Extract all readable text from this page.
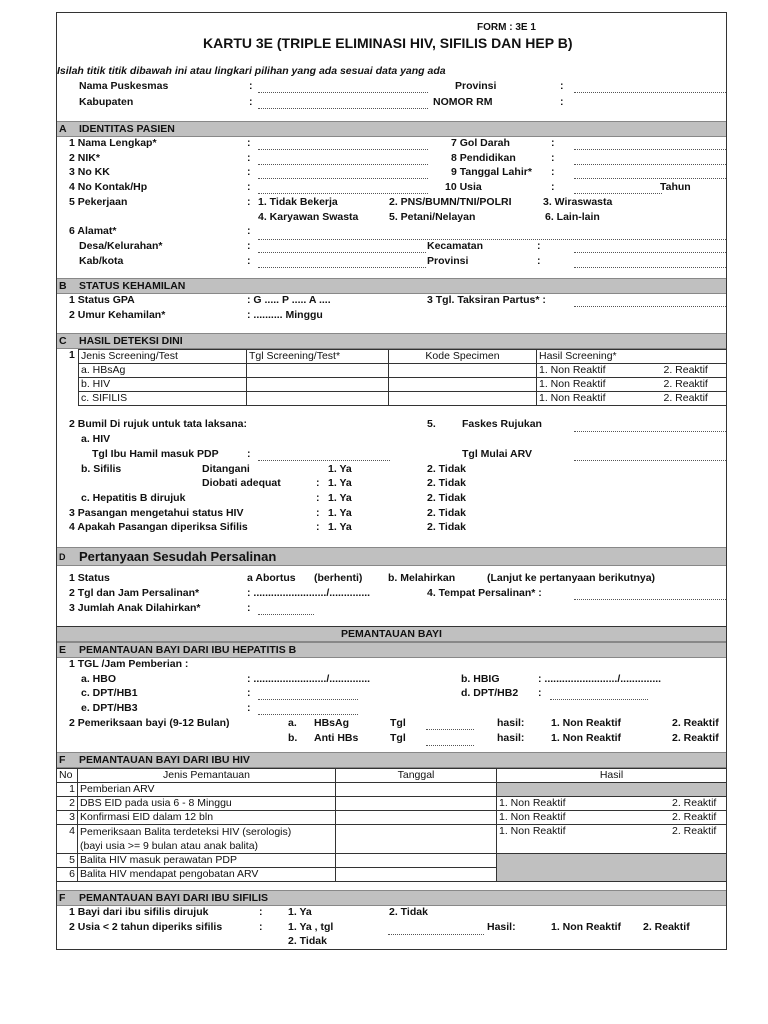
FORM : 3E 1
KARTU 3E (TRIPLE ELIMINASI HIV, SIFILIS DAN HEP B)
Isilah titik titik dibawah ini atau lingkari pilihan yang ada sesuai data yang ada
Nama Puskesmas	:	Provinsi	:
Kabupaten	:	NOMOR RM	:
A IDENTITAS PASIEN
1 Nama Lengkap*	:	7 Gol Darah	:
2 NIK*	:	8 Pendidikan	:
3 No KK	:	9 Tanggal Lahir* :
4 No Kontak/Hp	:	10 Usia	:	Tahun
5 Pekerjaan	: 1. Tidak Bekerja	2. PNS/BUMN/TNI/POLRI	3. Wiraswasta
4. Karyawan Swasta	5. Petani/Nelayan	6. Lain-lain
6 Alamat*	:
Desa/Kelurahan*	:	Kecamatan	:
Kab/kota	:	Provinsi	:
B STATUS KEHAMILAN
1 Status GPA	: G ..... P ..... A ....	3 Tgl. Taksiran Partus* :
2 Umur Kehamilan*	: .......... Minggu
C HASIL DETEKSI DINI
1 Jenis Screening/Test	Tgl Screening/Test*	Kode Specimen	Hasil Screening*
a. HBsAg			1. Non Reaktif 2. Reaktif

b. HIV			1. Non Reaktif 2. Reaktif

c. SIFILIS			1. Non Reaktif 2. Reaktif
2 Bumil Di rujuk untuk tata laksana:	5. Faskes Rujukan
a. HIV
Tgl Ibu Hamil masuk PDP	:	Tgl Mulai ARV
b. Sifilis	Ditangani	1. Ya	2. Tidak
Diobati adequat	: 1. Ya	2. Tidak
c. Hepatitis B dirujuk	: 1. Ya	2. Tidak
3 Pasangan mengetahui status HIV	: 1. Ya	2. Tidak
4 Apakah Pasangan diperiksa Sifilis	: 1. Ya	2. Tidak
D Pertanyaan Sesudah Persalinan
1 Status	a Abortus (berhenti) b. Melahirkan	(Lanjut ke pertanyaan berikutnya)
2 Tgl dan Jam Persalinan*	: ........................./..............	4. Tempat Persalinan* :
3 Jumlah Anak Dilahirkan*	:
PEMANTAUAN BAYI
E PEMANTAUAN BAYI DARI IBU HEPATITIS B
1 TGL /Jam Pemberian :
a. HBO	: ........................./..............	b. HBIG	: ........................./..............
c. DPT/HB1	:	d. DPT/HB2 :
e. DPT/HB3	:
2 Pemeriksaan bayi (9-12 Bulan)	a. HBsAg	Tgl	hasil:	1. Non Reaktif	2. Reaktif
b. Anti HBs	Tgl	hasil:	1. Non Reaktif	2. Reaktif
F PEMANTAUAN BAYI DARI IBU HIV
No	Jenis Pemantauan	Tanggal	Hasil
1	Pemberian ARV		
2	DBS EID pada usia 6 - 8 Minggu		1. Non Reaktif 2. Reaktif

3	Konfirmasi EID dalam 12 bln		1. Non Reaktif 2. Reaktif

4	Pemeriksaan Balita terdeteksi HIV (serologis)
(bayi usia >= 9 bulan atau anak balita)
		1. Non Reaktif	2. Reaktif

5	Balita HIV masuk perawatan PDP		
6	Balita HIV mendapat pengobatan ARV		
F PEMANTAUAN BAYI DARI IBU SIFILIS
1 Bayi dari ibu sifilis dirujuk	: 1. Ya	2. Tidak
2 Usia < 2 tahun diperiks sifilis	: 1. Ya , tgl	Hasil:	1. Non Reaktif 2. Reaktif
2. Tidak
